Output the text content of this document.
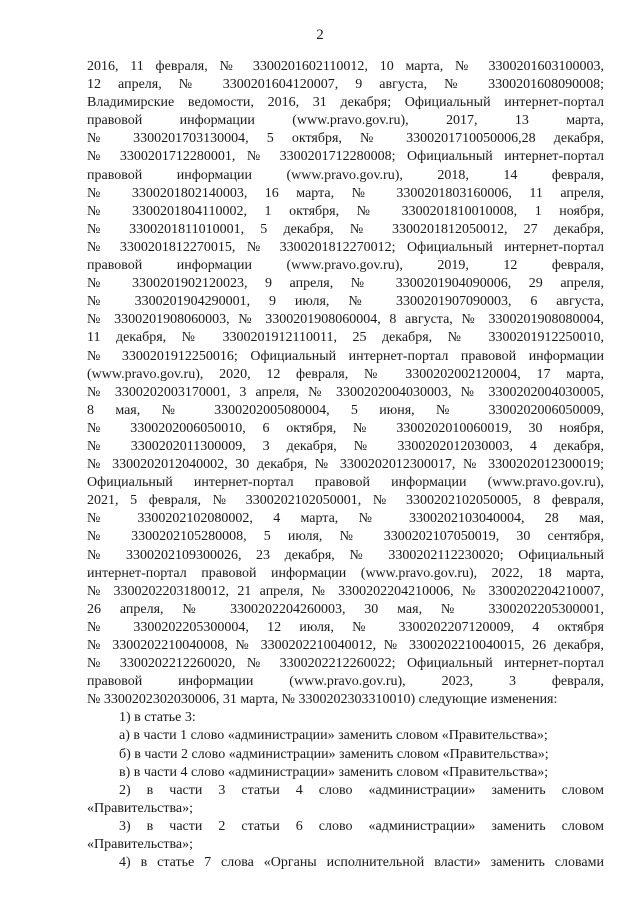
2
2016, 11 февраля, № 3300201602110012, 10 марта, № 3300201603100003,
12 апреля, № 3300201604120007, 9 августа, № 3300201608090008;
Владимирские ведомости, 2016, 31 декабря; Официальный интернет-портал
правовой информации (www.pravo.gov.ru), 2017, 13 марта,
№ 3300201703130004, 5 октября, № 3300201710050006,28 декабря,
№ 3300201712280001, № 3300201712280008; Официальный интернет-портал
правовой информации (www.pravo.gov.ru), 2018, 14 февраля,
№ 3300201802140003, 16 марта, № 3300201803160006, 11 апреля,
№ 3300201804110002, 1 октября, № 3300201810010008, 1 ноября,
№ 3300201811010001, 5 декабря, № 3300201812050012, 27 декабря,
№ 3300201812270015, № 3300201812270012; Официальный интернет-портал
правовой информации (www.pravo.gov.ru), 2019, 12 февраля,
№ 3300201902120023, 9 апреля, № 3300201904090006, 29 апреля,
№ 3300201904290001, 9 июля, № 3300201907090003, 6 августа,
№ 3300201908060003, № 3300201908060004, 8 августа, № 3300201908080004,
11 декабря, № 3300201912110011, 25 декабря, № 3300201912250010,
№ 3300201912250016; Официальный интернет-портал правовой информации
(www.pravo.gov.ru), 2020, 12 февраля, № 3300202002120004, 17 марта,
№ 3300202003170001, 3 апреля, № 3300202004030003, № 3300202004030005,
8 мая, № 3300202005080004, 5 июня, № 3300202006050009,
№ 3300202006050010, 6 октября, № 3300202010060019, 30 ноября,
№ 3300202011300009, 3 декабря, № 3300202012030003, 4 декабря,
№ 3300202012040002, 30 декабря, № 3300202012300017, № 3300202012300019;
Официальный интернет-портал правовой информации (www.pravo.gov.ru),
2021, 5 февраля, № 3300202102050001, № 3300202102050005, 8 февраля,
№ 3300202102080002, 4 марта, № 3300202103040004, 28 мая,
№ 3300202105280008, 5 июля, № 3300202107050019, 30 сентября,
№ 3300202109300026, 23 декабря, № 3300202112230020; Официальный
интернет-портал правовой информации (www.pravo.gov.ru), 2022, 18 марта,
№ 3300202203180012, 21 апреля, № 3300202204210006, № 3300202204210007,
26 апреля, № 3300202204260003, 30 мая, № 3300202205300001,
№ 3300202205300004, 12 июля, № 3300202207120009, 4 октября
№ 3300202210040008, № 3300202210040012, № 3300202210040015, 26 декабря,
№ 3300202212260020, № 3300202212260022; Официальный интернет-портал
правовой информации (www.pravo.gov.ru), 2023, 3 февраля,
№ 3300202302030006, 31 марта, № 3300202303310010) следующие изменения:
1) в статье 3:
а) в части 1 слово «администрации» заменить словом «Правительства»;
б) в части 2 слово «администрации» заменить словом «Правительства»;
в) в части 4 слово «администрации» заменить словом «Правительства»;
2) в части 3 статьи 4 слово «администрации» заменить словом
«Правительства»;
3) в части 2 статьи 6 слово «администрации» заменить словом
«Правительства»;
4) в статье 7 слова «Органы исполнительной власти» заменить словами
